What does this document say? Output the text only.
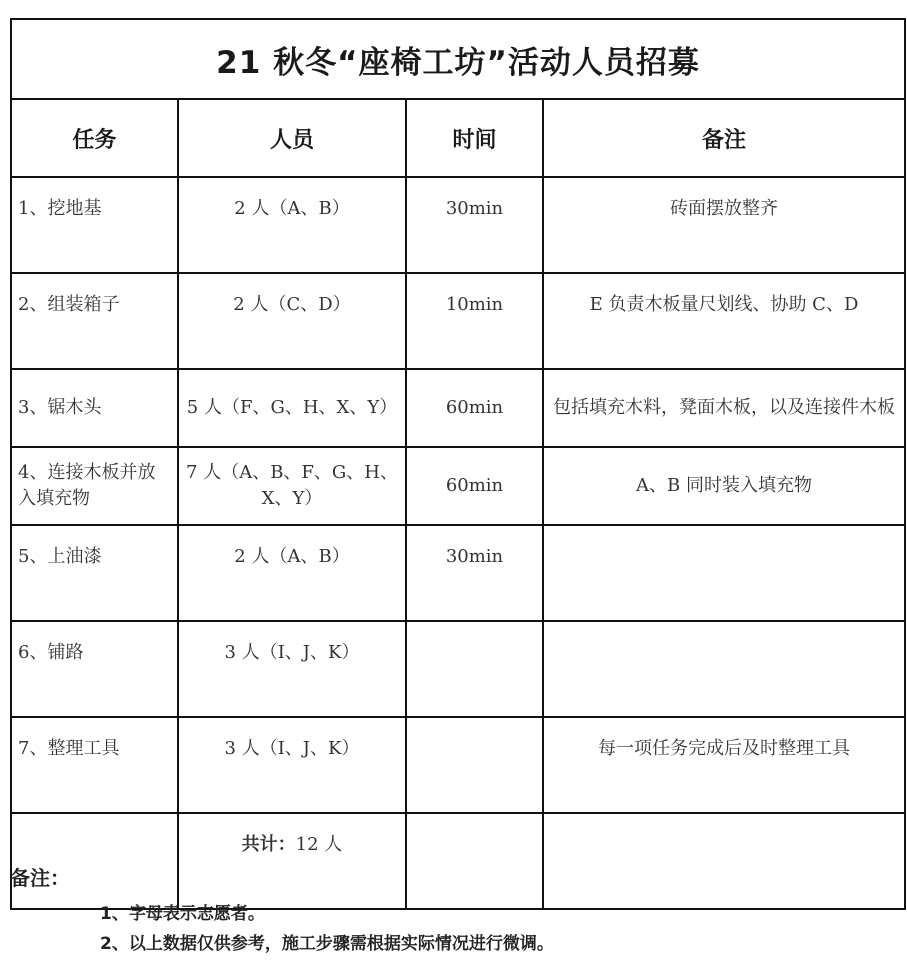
21 秋冬“座椅工坊”活动人员招募			
任务	人员	时间	备注
1、挖地基	2 人（A、B）	30min	砖面摆放整齐
2、组装箱子	2 人（C、D）	10min	E 负责木板量尺划线、协助 C、D
3、锯木头	5 人（F、G、H、X、Y）	60min	包括填充木料，凳面木板，以及连接件木板
4、连接木板并放入填充物	7 人（A、B、F、G、H、X、Y）	60min	A、B 同时装入填充物
5、上油漆	2 人（A、B）	30min	
6、铺路	3 人（I、J、K）		
7、整理工具	3 人（I、J、K）		每一项任务完成后及时整理工具
	共计：12 人		
备注：
1、字母表示志愿者。
2、以上数据仅供参考，施工步骤需根据实际情况进行微调。
